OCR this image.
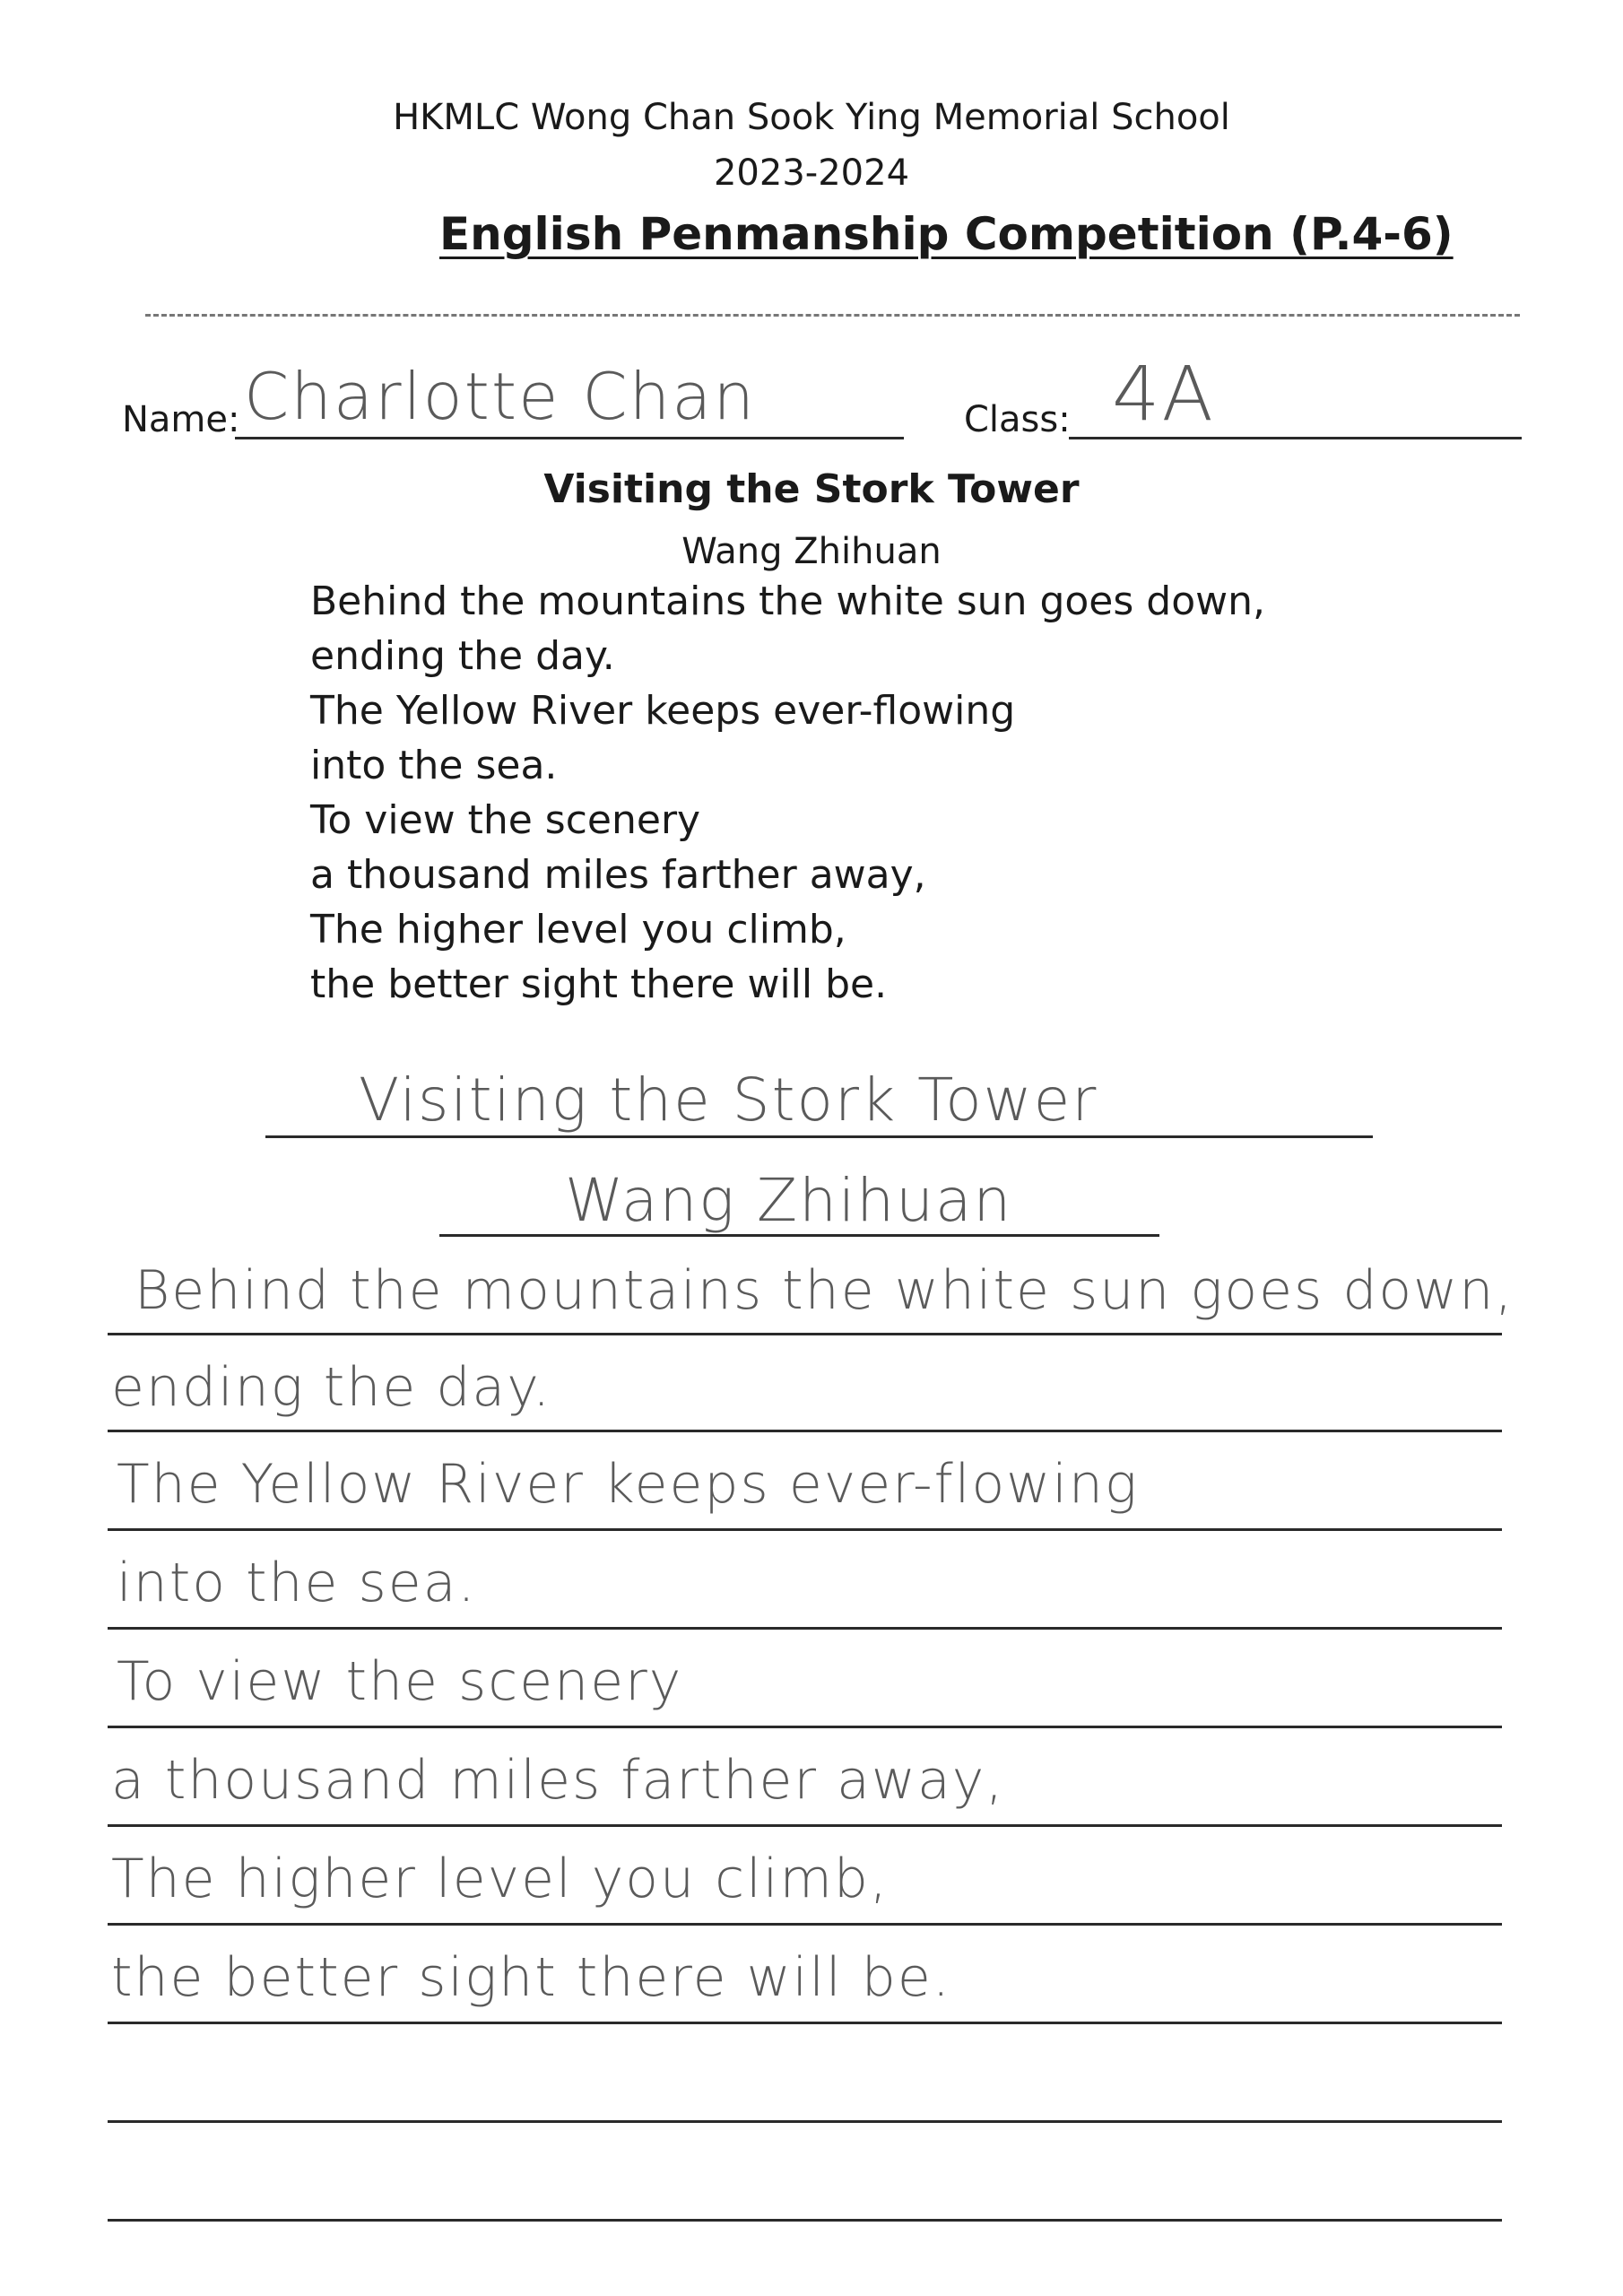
HKMLC Wong Chan Sook Ying Memorial School
2023-2024
English Penmanship Competition (P.4-6)
Name: Charlotte Chan	Class: 4A
Visiting the Stork Tower
Wang Zhihuan
Behind the mountains the white sun goes down,
ending the day.
The Yellow River keeps ever-flowing
into the sea.
To view the scenery
a thousand miles farther away,
The higher level you climb,
the better sight there will be.
Visiting the Stork Tower
Wang Zhihuan
Behind the mountains the white sun goes down,
ending the day.
The Yellow River keeps ever-flowing
into the sea.
To view the scenery
a thousand miles farther away,
The higher level you climb,
the better sight there will be.
